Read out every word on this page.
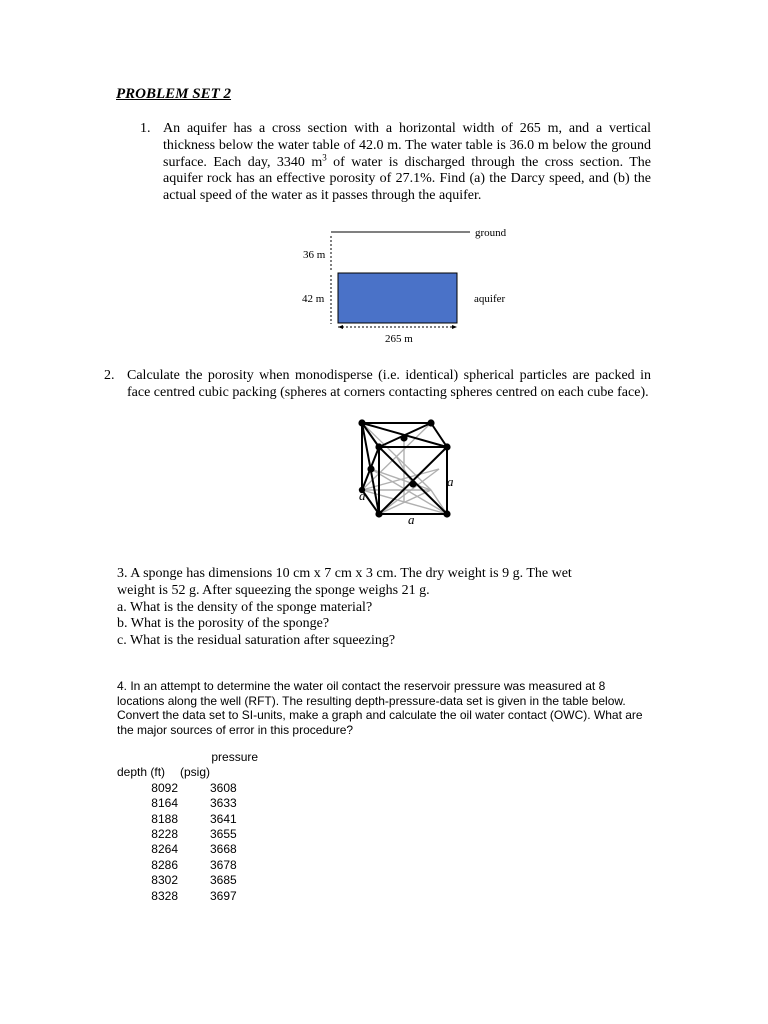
PROBLEM SET 2
1. An aquifer has a cross section with a horizontal width of 265 m, and a vertical thickness below the water table of 42.0 m. The water table is 36.0 m below the ground surface. Each day, 3340 $m^3$ of water is discharged through the cross section. The aquifer rock has an effective porosity of 27.1%. Find (a) the Darcy speed, and (b) the actual speed of the water as it passes through the aquifer.
ground
36 m
42 m	aquifer
265 m
2. Calculate the porosity when monodisperse (i.e. identical) spherical particles are packed in face centred cubic packing (spheres at corners contacting spheres centred on each cube face).
a
a
a
3. A sponge has dimensions 10 cm x 7 cm x 3 cm. The dry weight is 9 g. The wet
weight is 52 g. After squeezing the sponge weighs 21 g.
a. What is the density of the sponge material?
b. What is the porosity of the sponge?
c. What is the residual saturation after squeezing?
4. In an attempt to determine the water oil contact the reservoir pressure was measured at 8 locations along the well (RFT). The resulting depth-pressure-data set is given in the table below. Convert the data set to SI-units, make a graph and calculate the oil water contact (OWC). What are the major sources of error in this procedure?
	pressure
depth (ft)	(psig)
8092	3608
8164	3633
8188	3641
8228	3655
8264	3668
8286	3678
8302	3685
8328	3697
